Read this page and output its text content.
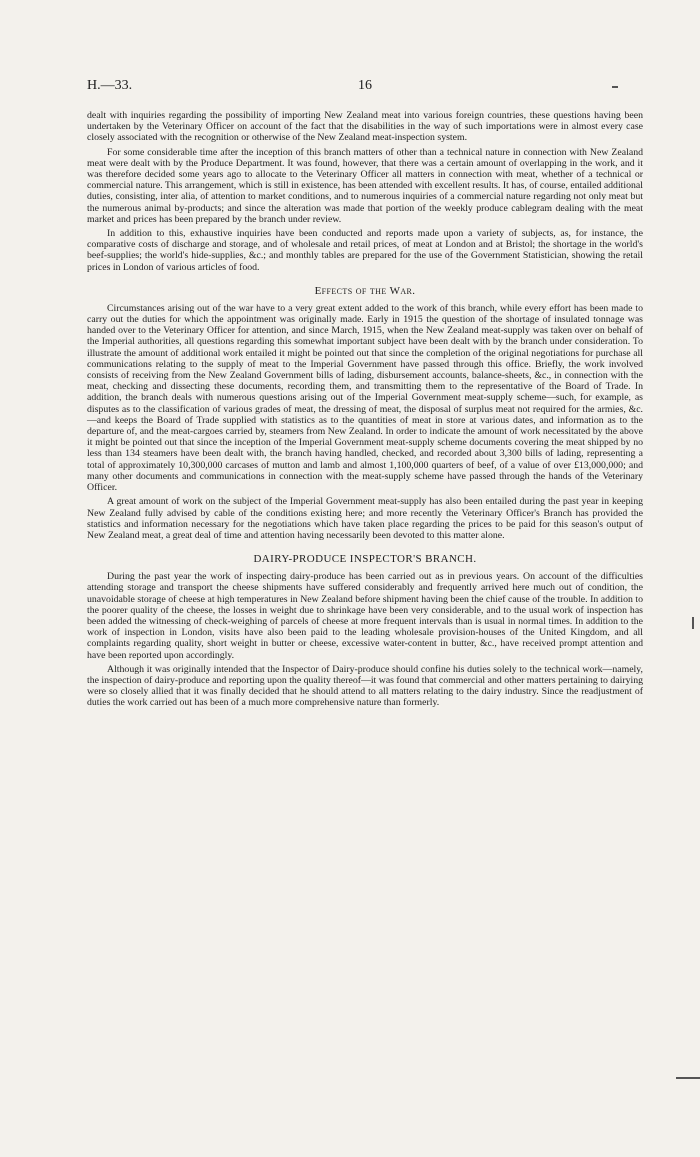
H.—33.	16

dealt with inquiries regarding the possibility of importing New Zealand meat into various foreign countries, these questions having been undertaken by the Veterinary Officer on account of the fact that the disabilities in the way of such importations were in almost every case closely associated with the recognition or otherwise of the New Zealand meat-inspection system.

For some considerable time after the inception of this branch matters of other than a technical nature in connection with New Zealand meat were dealt with by the Produce Department. It was found, however, that there was a certain amount of overlapping in the work, and it was therefore decided some years ago to allocate to the Veterinary Officer all matters in connection with meat, whether of a technical or commercial nature. This arrangement, which is still in existence, has been attended with excellent results. It has, of course, entailed additional duties, consisting, inter alia, of attention to market conditions, and to numerous inquiries of a commercial nature regarding not only meat but the numerous animal by-products; and since the alteration was made that portion of the weekly produce cablegram dealing with the meat market and prices has been prepared by the branch under review.

In addition to this, exhaustive inquiries have been conducted and reports made upon a variety of subjects, as, for instance, the comparative costs of discharge and storage, and of wholesale and retail prices, of meat at London and at Bristol; the shortage in the world's beef-supplies; the world's hide-supplies, &c.; and monthly tables are prepared for the use of the Government Statistician, showing the retail prices in London of various articles of food.

Effects of the War.

Circumstances arising out of the war have to a very great extent added to the work of this branch, while every effort has been made to carry out the duties for which the appointment was originally made. Early in 1915 the question of the shortage of insulated tonnage was handed over to the Veterinary Officer for attention, and since March, 1915, when the New Zealand meat-supply was taken over on behalf of the Imperial authorities, all questions regarding this somewhat important subject have been dealt with by the branch under consideration. To illustrate the amount of additional work entailed it might be pointed out that since the completion of the original negotiations for purchase all communications relating to the supply of meat to the Imperial Government have passed through this office. Briefly, the work involved consists of receiving from the New Zealand Government bills of lading, disbursement accounts, balance-sheets, &c., in connection with the meat, checking and dissecting these documents, recording them, and transmitting them to the representative of the Board of Trade. In addition, the branch deals with numerous questions arising out of the Imperial Government meat-supply scheme—such, for example, as disputes as to the classification of various grades of meat, the dressing of meat, the disposal of surplus meat not required for the armies, &c.—and keeps the Board of Trade supplied with statistics as to the quantities of meat in store at various dates, and information as to the departure of, and the meat-cargoes carried by, steamers from New Zealand. In order to indicate the amount of work necessitated by the above it might be pointed out that since the inception of the Imperial Government meat-supply scheme documents covering the meat shipped by no less than 134 steamers have been dealt with, the branch having handled, checked, and recorded about 3,300 bills of lading, representing a total of approximately 10,300,000 carcases of mutton and lamb and almost 1,100,000 quarters of beef, of a value of over £13,000,000; and many other documents and communications in connection with the meat-supply scheme have passed through the hands of the Veterinary Officer.

A great amount of work on the subject of the Imperial Government meat-supply has also been entailed during the past year in keeping New Zealand fully advised by cable of the conditions existing here; and more recently the Veterinary Officer's Branch has provided the statistics and information necessary for the negotiations which have taken place regarding the prices to be paid for this season's output of New Zealand meat, a great deal of time and attention having necessarily been devoted to this matter alone.

DAIRY-PRODUCE INSPECTOR'S BRANCH.

During the past year the work of inspecting dairy-produce has been carried out as in previous years. On account of the difficulties attending storage and transport the cheese shipments have suffered considerably and frequently arrived here much out of condition, the unavoidable storage of cheese at high temperatures in New Zealand before shipment having been the chief cause of the trouble. In addition to the poorer quality of the cheese, the losses in weight due to shrinkage have been very considerable, and to the usual work of inspection has been added the witnessing of check-weighing of parcels of cheese at more frequent intervals than is usual in normal times. In addition to the work of inspection in London, visits have also been paid to the leading wholesale provision-houses of the United Kingdom, and all complaints regarding quality, short weight in butter or cheese, excessive water-content in butter, &c., have received prompt attention and have been reported upon accordingly.

Although it was originally intended that the Inspector of Dairy-produce should confine his duties solely to the technical work—namely, the inspection of dairy-produce and reporting upon the quality thereof—it was found that commercial and other matters pertaining to dairying were so closely allied that it was finally decided that he should attend to all matters relating to the dairy industry. Since the readjustment of duties the work carried out has been of a much more comprehensive nature than formerly.
